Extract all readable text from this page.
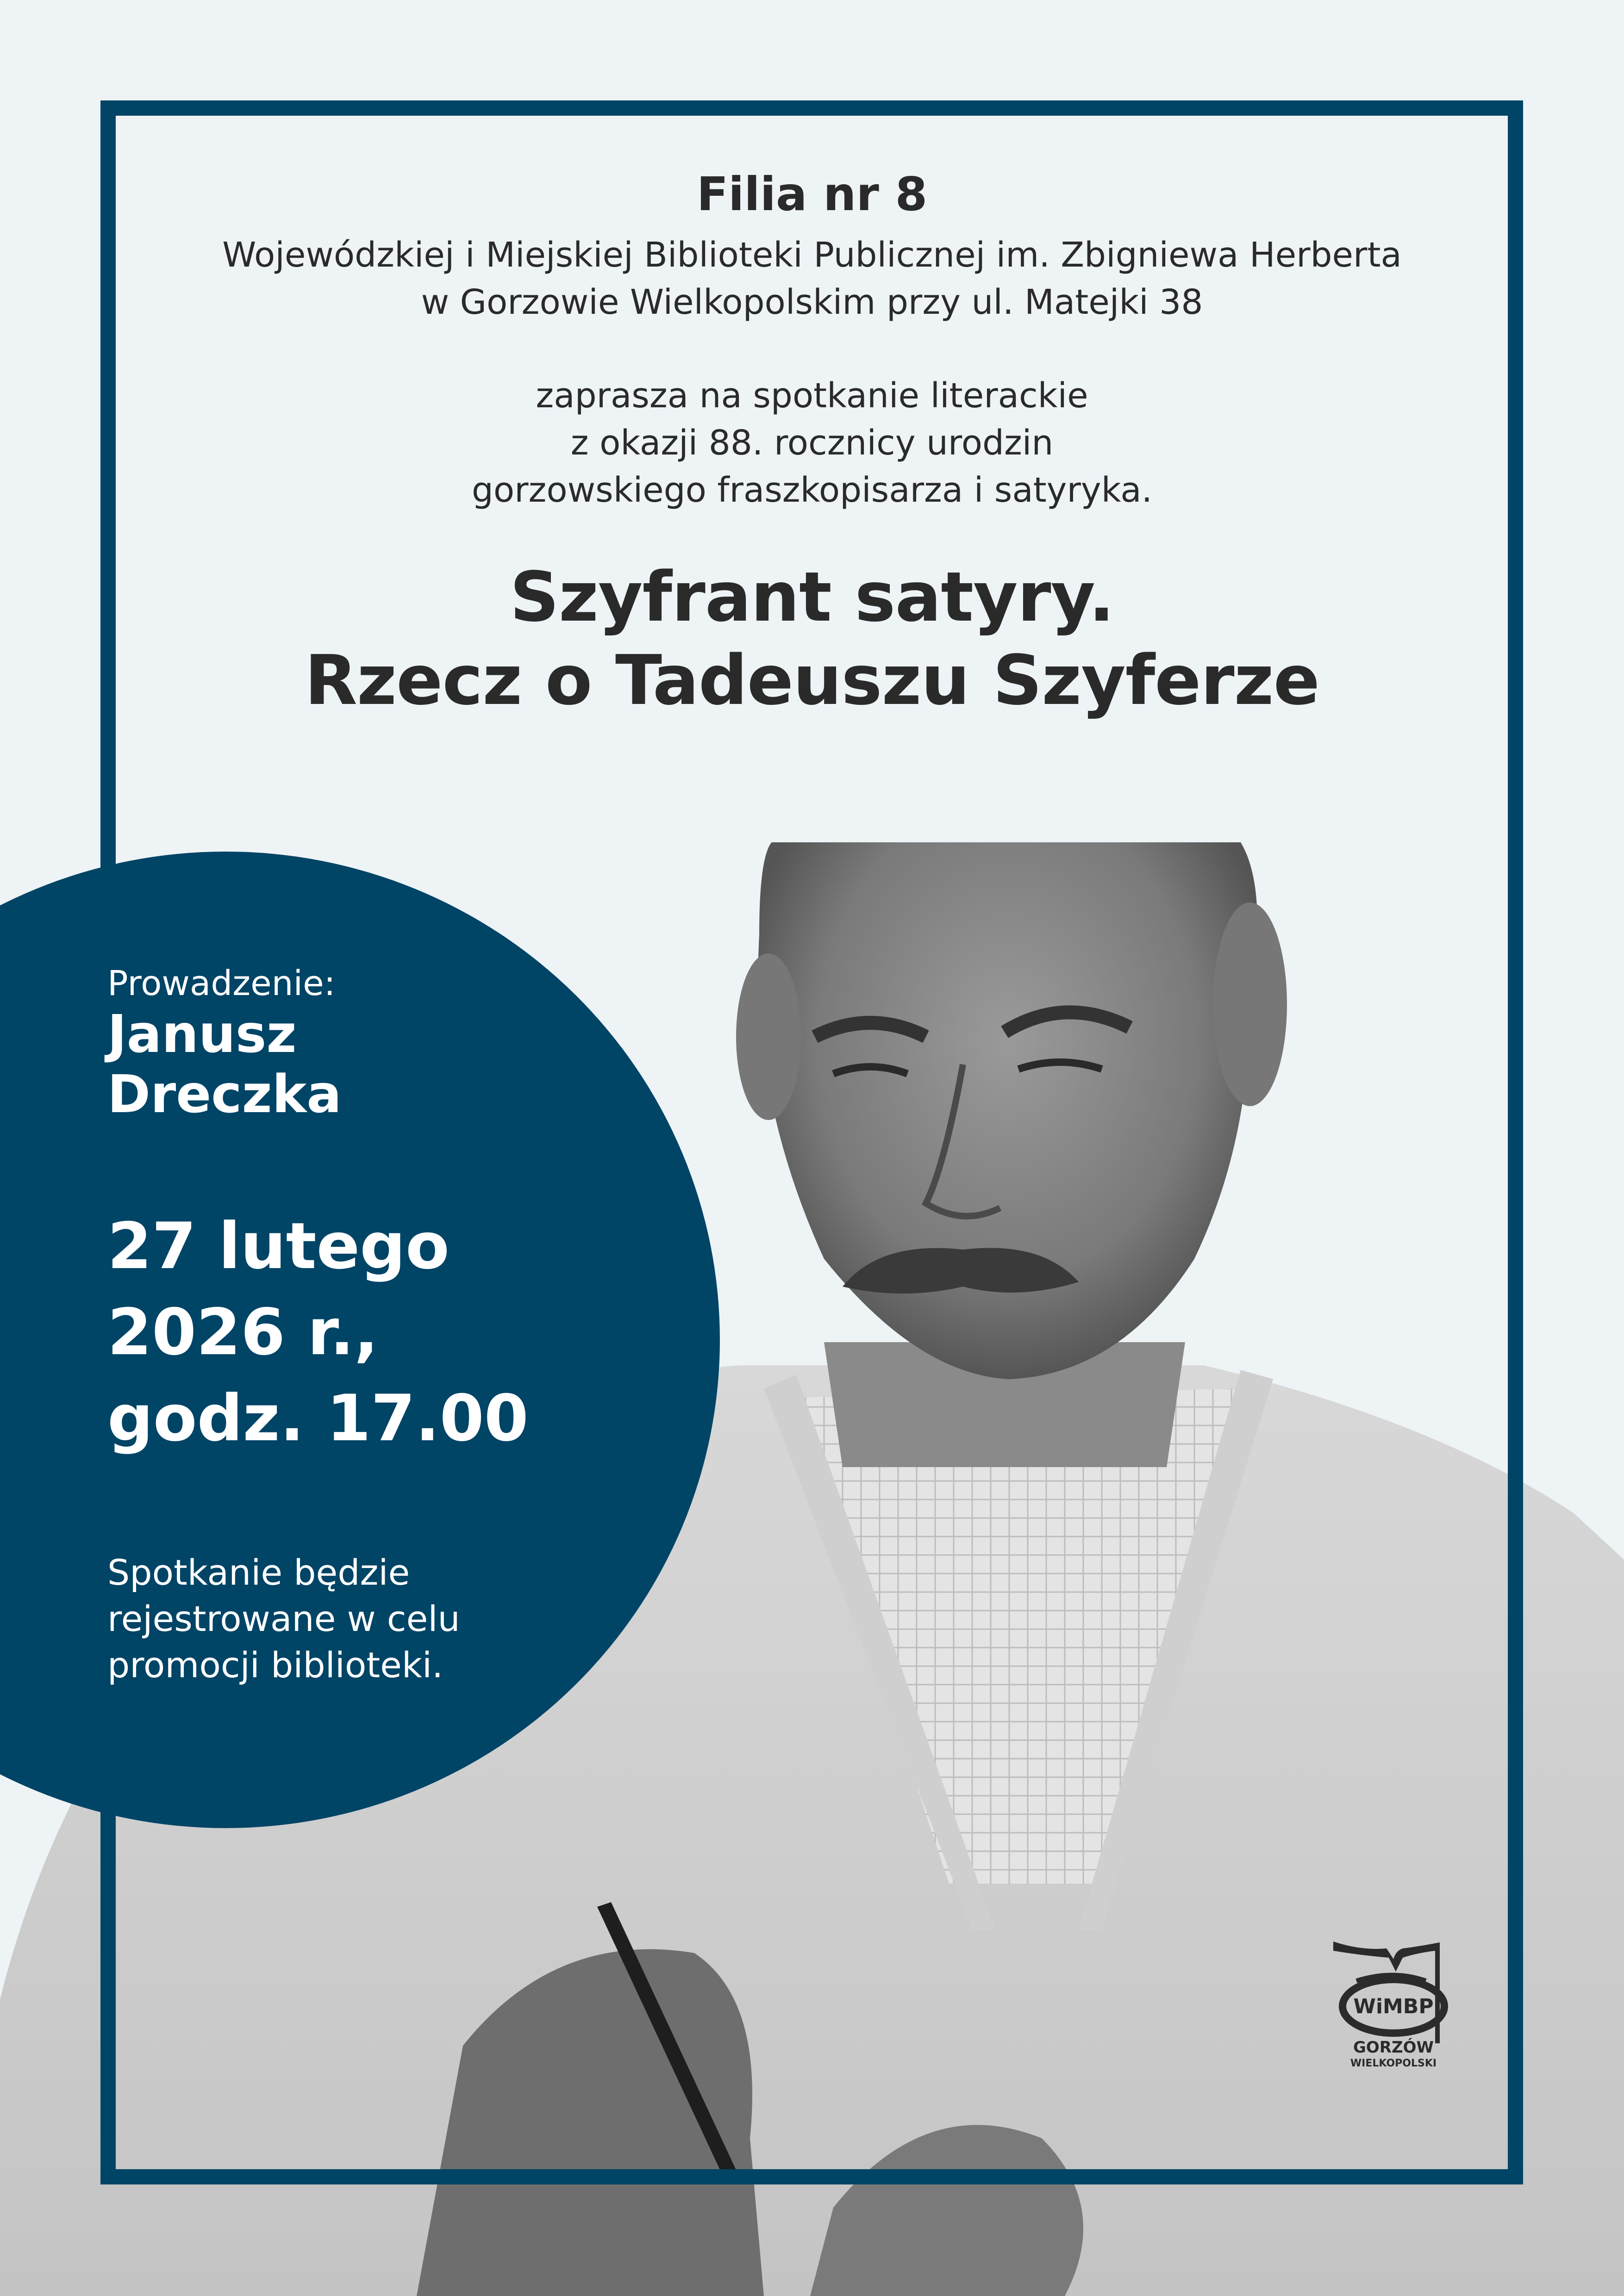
Filia nr 8
Wojewódzkiej i Miejskiej Biblioteki Publicznej im. Zbigniewa Herberta
w Gorzowie Wielkopolskim przy ul. Matejki 38
zaprasza na spotkanie literackie
z okazji 88. rocznicy urodzin
gorzowskiego fraszkopisarza i satyryka.
Szyfrant satyry.
Rzecz o Tadeuszu Szyferze
Prowadzenie:
Janusz
Dreczka
27 lutego
2026 r.,
godz. 17.00
Spotkanie będzie
rejestrowane w celu
promocji biblioteki.
WiMBP
GORZÓW
WIELKOPOLSKI
